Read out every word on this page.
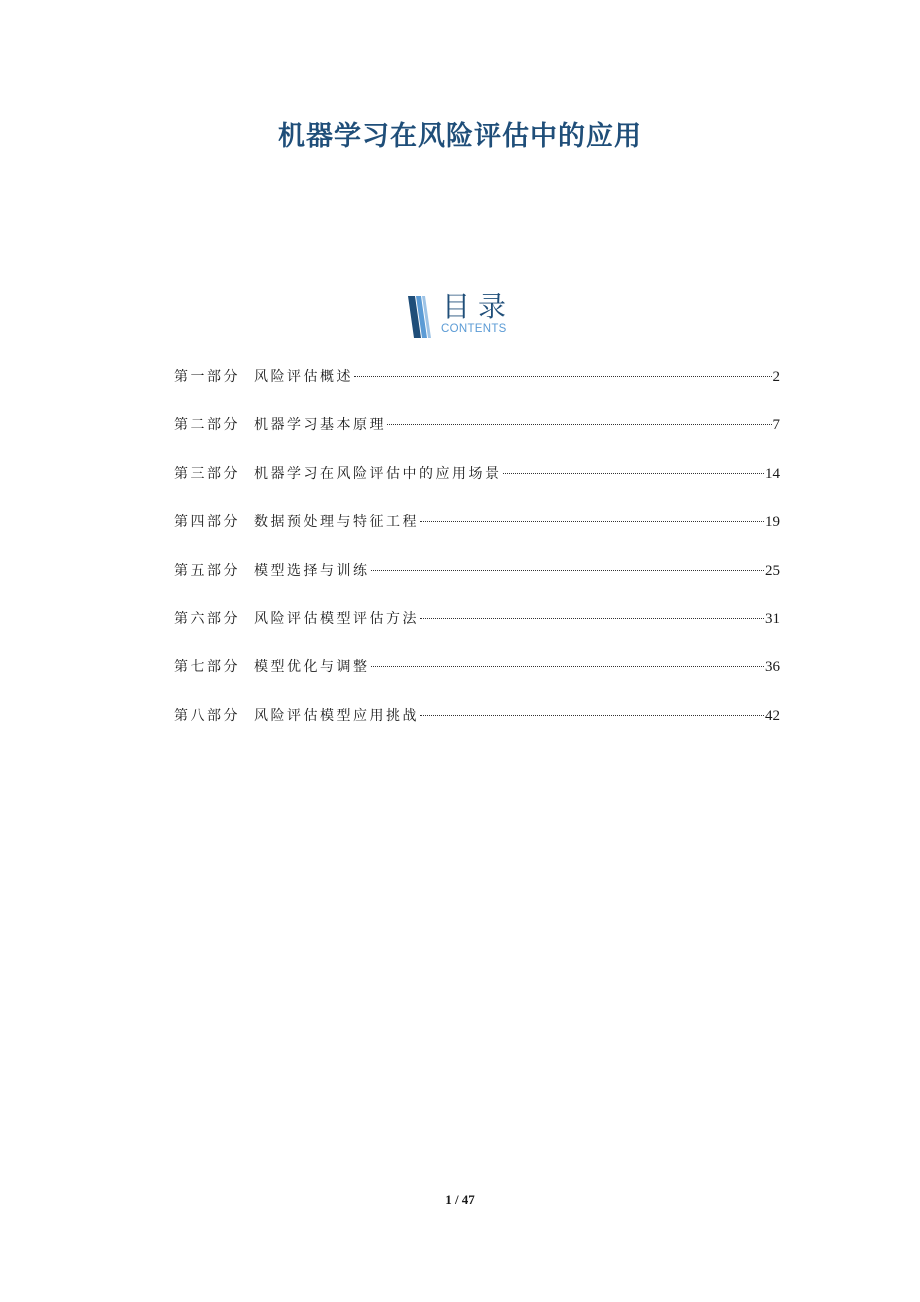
机器学习在风险评估中的应用
目录
CONTENTS
第一部分	风险评估概述	2
第二部分	机器学习基本原理	7
第三部分	机器学习在风险评估中的应用场景	14
第四部分	数据预处理与特征工程	19
第五部分	模型选择与训练	25
第六部分	风险评估模型评估方法	31
第七部分	模型优化与调整	36
第八部分	风险评估模型应用挑战	42
1 / 47
